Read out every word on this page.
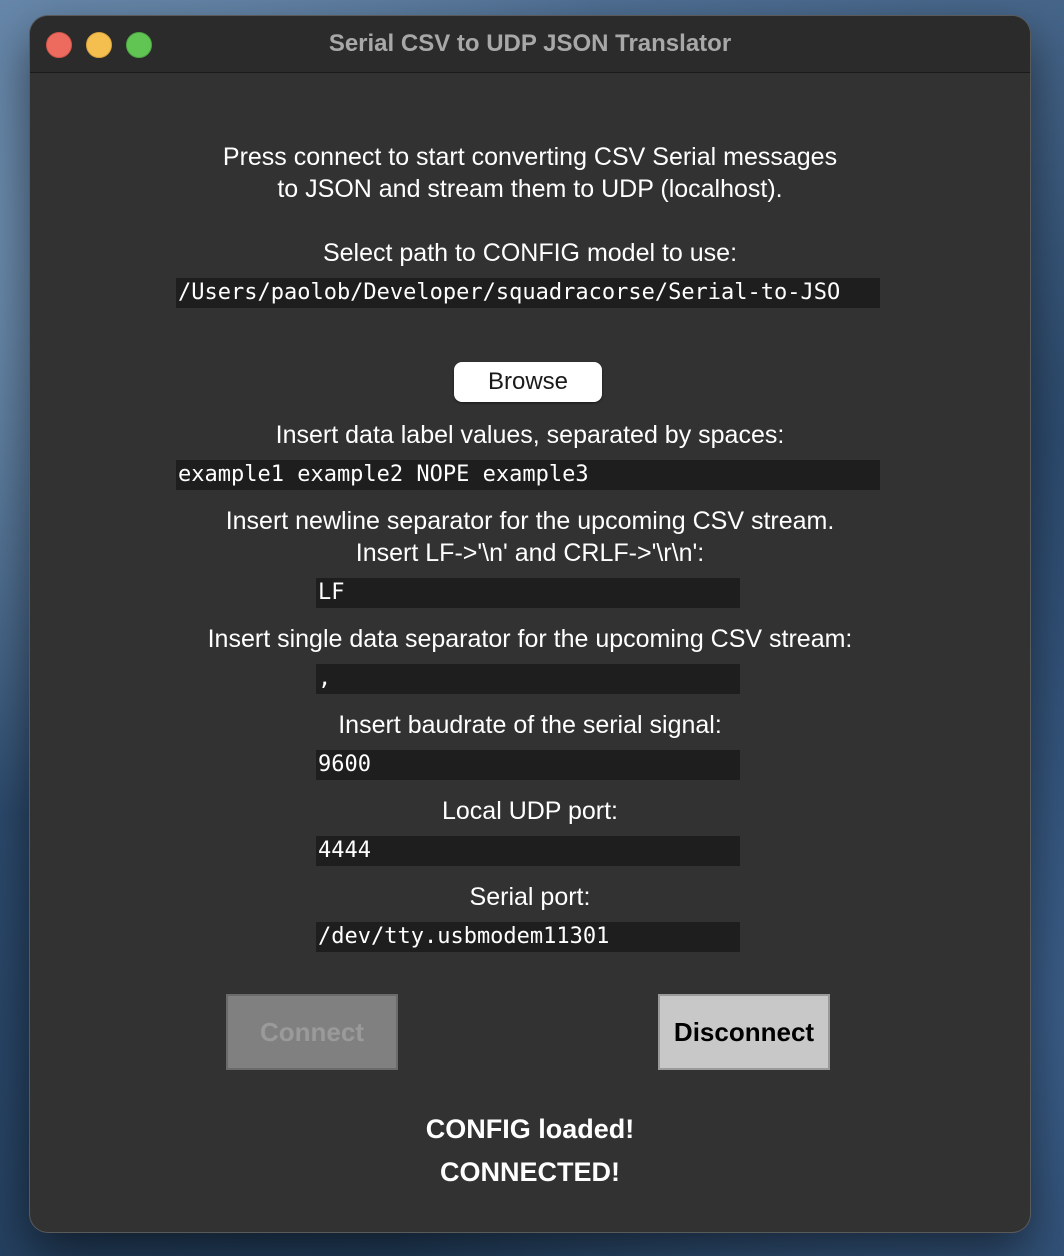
Serial CSV to UDP JSON Translator
Press connect to start converting CSV Serial messages
to JSON and stream them to UDP (localhost).
Select path to CONFIG model to use:
/Users/paolob/Developer/squadracorse/Serial-to-JSO
Browse
Insert data label values, separated by spaces:
example1 example2 NOPE example3
Insert newline separator for the upcoming CSV stream.
Insert LF->'\n' and CRLF->'\r\n':
LF
Insert single data separator for the upcoming CSV stream:
,
Insert baudrate of the serial signal:
9600
Local UDP port:
4444
Serial port:
/dev/tty.usbmodem11301
Connect	Disconnect
CONFIG loaded!
CONNECTED!
